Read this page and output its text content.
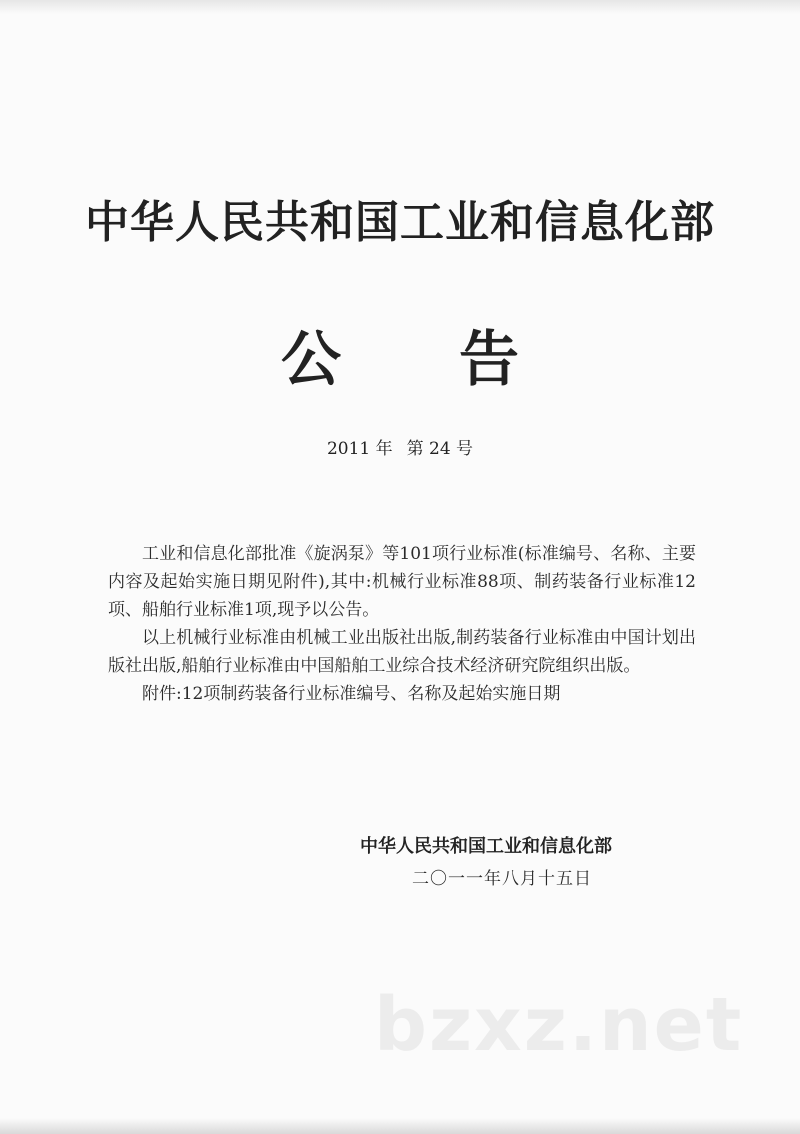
中华人民共和国工业和信息化部
公 告
2011 年 第 24 号

工业和信息化部批准《旋涡泵》等101项行业标准(标准编号、名称、主要内容及起始实施日期见附件),其中:机械行业标准88项、制药装备行业标准12项、船舶行业标准1项,现予以公告。

以上机械行业标准由机械工业出版社出版,制药装备行业标准由中国计划出版社出版,船舶行业标准由中国船舶工业综合技术经济研究院组织出版。

附件:12项制药装备行业标准编号、名称及起始实施日期

中华人民共和国工业和信息化部
二〇一一年八月十五日
bzxz.net
